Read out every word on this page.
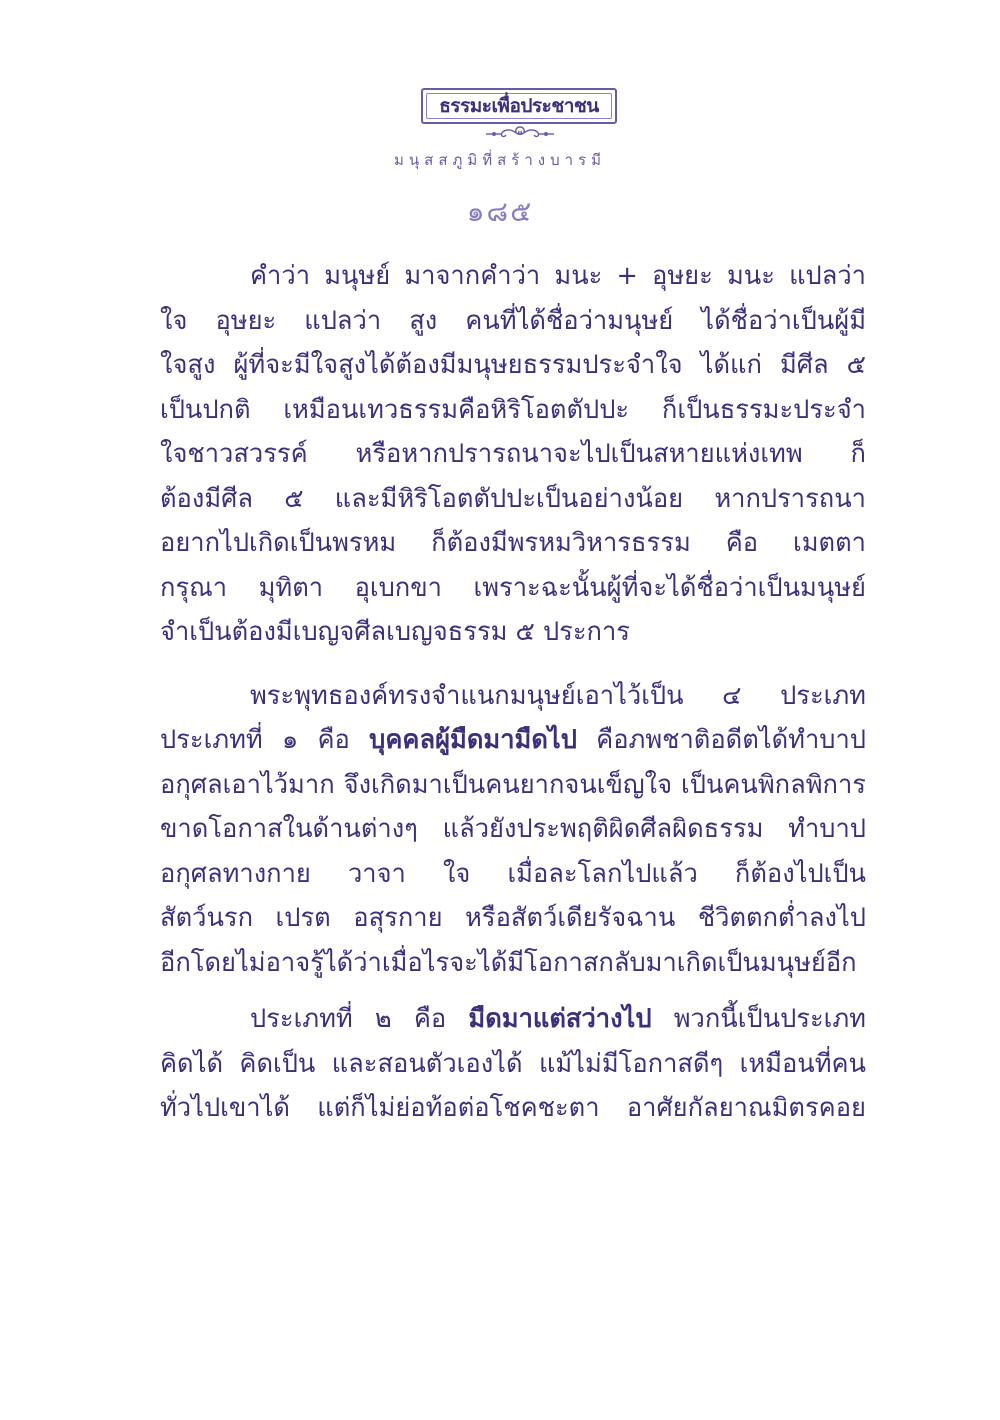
ธรรมะเพื่อประชาชน
มนุสสภูมิที่สร้างบารมี
๑๘๕
คำว่า มนุษย์ มาจากคำว่า มนะ + อุษยะ มนะ แปลว่า
ใจ อุษยะ แปลว่า สูง คนที่ได้ชื่อว่ามนุษย์ ได้ชื่อว่าเป็นผู้มี
ใจสูง ผู้ที่จะมีใจสูงได้ต้องมีมนุษยธรรมประจำใจ ได้แก่ มีศีล ๕
เป็นปกติ เหมือนเทวธรรมคือหิริโอตตัปปะ ก็เป็นธรรมะประจำ
ใจชาวสวรรค์ หรือหากปรารถนาจะไปเป็นสหายแห่งเทพ ก็
ต้องมีศีล ๕ และมีหิริโอตตัปปะเป็นอย่างน้อย หากปรารถนา
อยากไปเกิดเป็นพรหม ก็ต้องมีพรหมวิหารธรรม คือ เมตตา
กรุณา มุทิตา อุเบกขา เพราะฉะนั้นผู้ที่จะได้ชื่อว่าเป็นมนุษย์
จำเป็นต้องมีเบญจศีลเบญจธรรม ๕ ประการ
พระพุทธองค์ทรงจำแนกมนุษย์เอาไว้เป็น ๔ ประเภท
ประเภทที่ ๑ คือ บุคคลผู้มืดมามืดไป คือภพชาติอดีตได้ทำบาป
อกุศลเอาไว้มาก จึงเกิดมาเป็นคนยากจนเข็ญใจ เป็นคนพิกลพิการ
ขาดโอกาสในด้านต่างๆ แล้วยังประพฤติผิดศีลผิดธรรม ทำบาป
อกุศลทางกาย วาจา ใจ เมื่อละโลกไปแล้ว ก็ต้องไปเป็น
สัตว์นรก เปรต อสุรกาย หรือสัตว์เดียรัจฉาน ชีวิตตกต่ำลงไป
อีกโดยไม่อาจรู้ได้ว่าเมื่อไรจะได้มีโอกาสกลับมาเกิดเป็นมนุษย์อีก
ประเภทที่ ๒ คือ มืดมาแต่สว่างไป พวกนี้เป็นประเภท
คิดได้ คิดเป็น และสอนตัวเองได้ แม้ไม่มีโอกาสดีๆ เหมือนที่คน
ทั่วไปเขาได้ แต่ก็ไม่ย่อท้อต่อโชคชะตา อาศัยกัลยาณมิตรคอย
